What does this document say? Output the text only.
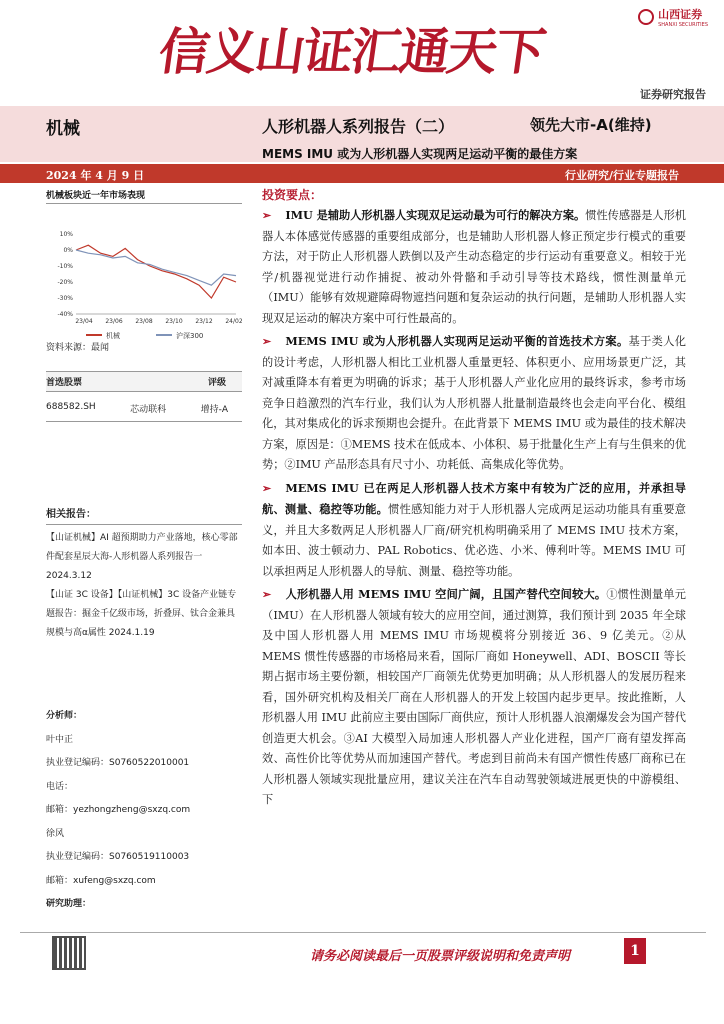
信义山证汇通天下
山西证券
SHANXI SECURITIES
证券研究报告
机械	人形机器人系列报告（二）	领先大市-A(维持)
MEMS IMU 或为人形机器人实现两足运动平衡的最佳方案
2024 年 4 月 9 日	行业研究/行业专题报告
机械板块近一年市场表现
10%
0%
-10%
-20%
-30%
-40%
23/04 23/06 23/08 23/10 23/12 24/02
机械	沪深300
资料来源：最闻
首选股票	评级
688582.SH	芯动联科	增持-A
相关报告：
【山证机械】AI 超预期助力产业落地，核心零部件配套星辰大海-人形机器人系列报告一 2024.3.12
【山证 3C 设备】【山证机械】3C 设备产业链专题报告：掘金千亿级市场，折叠屏、钛合金兼具规模与高α属性 2024.1.19
分析师：
叶中正
执业登记编码：S0760522010001
电话：
邮箱：yezhongzheng@sxzq.com
徐风
执业登记编码：S0760519110003
邮箱：xufeng@sxzq.com
研究助理：
投资要点：

➢ IMU 是辅助人形机器人实现双足运动最为可行的解决方案。惯性传感器是人形机器人本体感觉传感器的重要组成部分，也是辅助人形机器人修正预定步行模式的重要方法，对于防止人形机器人跌倒以及产生动态稳定的步行运动有重要意义。相较于光学/机器视觉进行动作捕捉、被动外骨骼和手动引导等技术路线，惯性测量单元（IMU）能够有效规避障碍物遮挡问题和复杂运动的执行问题，是辅助人形机器人实现双足运动的解决方案中可行性最高的。

➢ MEMS IMU 或为人形机器人实现两足运动平衡的首选技术方案。基于类人化的设计考虑，人形机器人相比工业机器人重量更轻、体积更小、应用场景更广泛，其对减重降本有着更为明确的诉求；基于人形机器人产业化应用的最终诉求，参考市场竞争日趋激烈的汽车行业，我们认为人形机器人批量制造最终也会走向平台化、模组化，其对集成化的诉求预期也会提升。在此背景下 MEMS IMU 或为最佳的技术解决方案，原因是：①MEMS 技术在低成本、小体积、易于批量化生产上有与生俱来的优势；②IMU 产品形态具有尺寸小、功耗低、高集成化等优势。

➢ MEMS IMU 已在两足人形机器人技术方案中有较为广泛的应用，并承担导航、测量、稳控等功能。惯性感知能力对于人形机器人完成两足运动功能具有重要意义，并且大多数两足人形机器人厂商/研究机构明确采用了 MEMS IMU 技术方案，如本田、波士顿动力、PAL Robotics、优必选、小米、傅利叶等。MEMS IMU 可以承担两足人形机器人的导航、测量、稳控等功能。

➢ 人形机器人用 MEMS IMU 空间广阔，且国产替代空间较大。①惯性测量单元（IMU）在人形机器人领域有较大的应用空间，通过测算，我们预计到 2035 年全球及中国人形机器人用 MEMS IMU 市场规模将分别接近 36、9 亿美元。②从 MEMS 惯性传感器的市场格局来看，国际厂商如 Honeywell、ADI、BOSCII 等长期占据市场主要份额，相较国产厂商领先优势更加明确；从人形机器人的发展历程来看，国外研究机构及相关厂商在人形机器人的开发上较国内起步更早。按此推断，人形机器人用 IMU 此前应主要由国际厂商供应，预计人形机器人浪潮爆发会为国产替代创造更大机会。③AI 大模型入局加速人形机器人产业化进程，国产厂商有望发挥高效、高性价比等优势从而加速国产替代。考虑到目前尚未有国产惯性传感厂商称已在人形机器人领域实现批量应用，建议关注在汽车自动驾驶领域进展更快的中游模组、下

请务必阅读最后一页股票评级说明和免责声明	1
